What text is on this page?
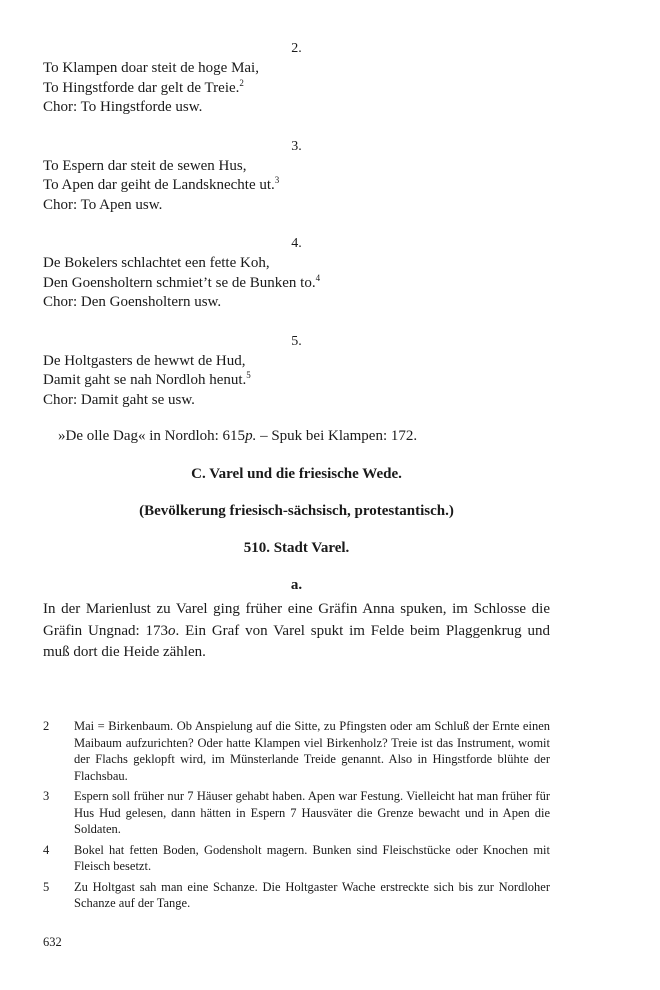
2.
To Klampen doar steit de hoge Mai,
To Hingstforde dar gelt de Treie.$^2$
Chor: To Hingstforde usw.
3.
To Espern dar steit de sewen Hus,
To Apen dar geiht de Landsknechte ut.$^3$
Chor: To Apen usw.
4.
De Bokelers schlachtet een fette Koh,
Den Goensholtern schmiet’t se de Bunken to.$^4$
Chor: Den Goensholtern usw.
5.
De Holtgasters de hewwt de Hud,
Damit gaht se nah Nordloh henut.$^5$
Chor: Damit gaht se usw.
»De olle Dag« in Nordloh: 615p. – Spuk bei Klampen: 172.
C. Varel und die friesische Wede.
(Bevölkerung friesisch-sächsisch, protestantisch.)
510. Stadt Varel.
a.
In der Marienlust zu Varel ging früher eine Gräfin Anna spuken, im Schlosse die Gräfin Ungnad: 173o. Ein Graf von Varel spukt im Felde beim Plaggenkrug und muß dort die Heide zählen.
2	Mai = Birkenbaum. Ob Anspielung auf die Sitte, zu Pfingsten oder am Schluß der Ernte einen Maibaum aufzurichten? Oder hatte Klampen viel Birkenholz? Treie ist das Instrument, womit der Flachs geklopft wird, im Münsterlande Treide genannt. Also in Hingstforde blühte der Flachsbau.
3	Espern soll früher nur 7 Häuser gehabt haben. Apen war Festung. Vielleicht hat man früher für Hus Hud gelesen, dann hätten in Espern 7 Hausväter die Grenze bewacht und in Apen die Soldaten.
4	Bokel hat fetten Boden, Godensholt magern. Bunken sind Fleischstücke oder Knochen mit Fleisch besetzt.
5	Zu Holtgast sah man eine Schanze. Die Holtgaster Wache erstreckte sich bis zur Nordloher Schanze auf der Tange.
632
